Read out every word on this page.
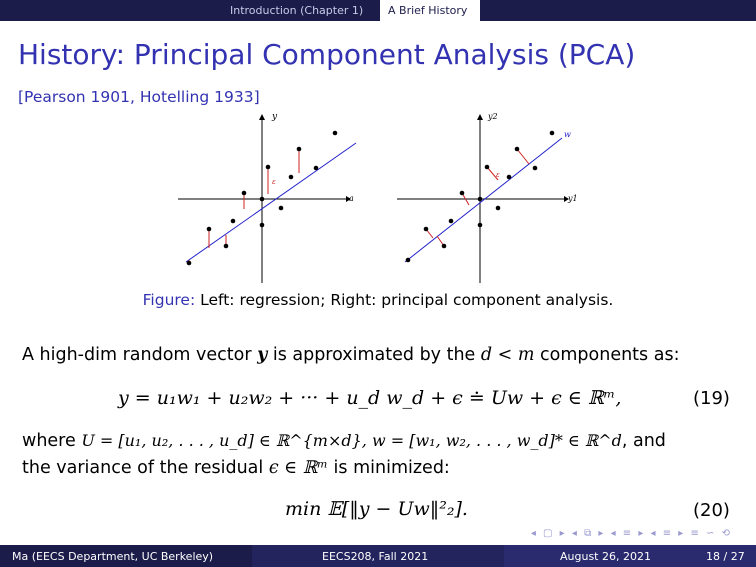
Introduction (Chapter 1) A Brief History
History: Principal Component Analysis (PCA)
[Pearson 1901, Hotelling 1933]
y
a
ε
y2
y1
w
ε
Figure: Left: regression; Right: principal component analysis.
A high-dim random vector y is approximated by the d < m components as:
y = u₁w₁ + u₂w₂ + ··· + u_d w_d + ϵ ≐ Uw + ϵ ∈ ℝᵐ,	(19)
where U = [u₁, u₂, . . . , u_d] ∈ ℝ^{m×d}, w = [w₁, w₂, . . . , w_d]* ∈ ℝ^d, and
the variance of the residual ϵ ∈ ℝᵐ is minimized:
min 𝔼[‖y − Uw‖²₂].	(20)
◂ ▢ ▸ ◂ ⧉ ▸ ◂ ≡ ▸ ◂ ≡ ▸ ≡ ∽ ⟲
Ma (EECS Department, UC Berkeley)	EECS208, Fall 2021	August 26, 2021	18 / 27
